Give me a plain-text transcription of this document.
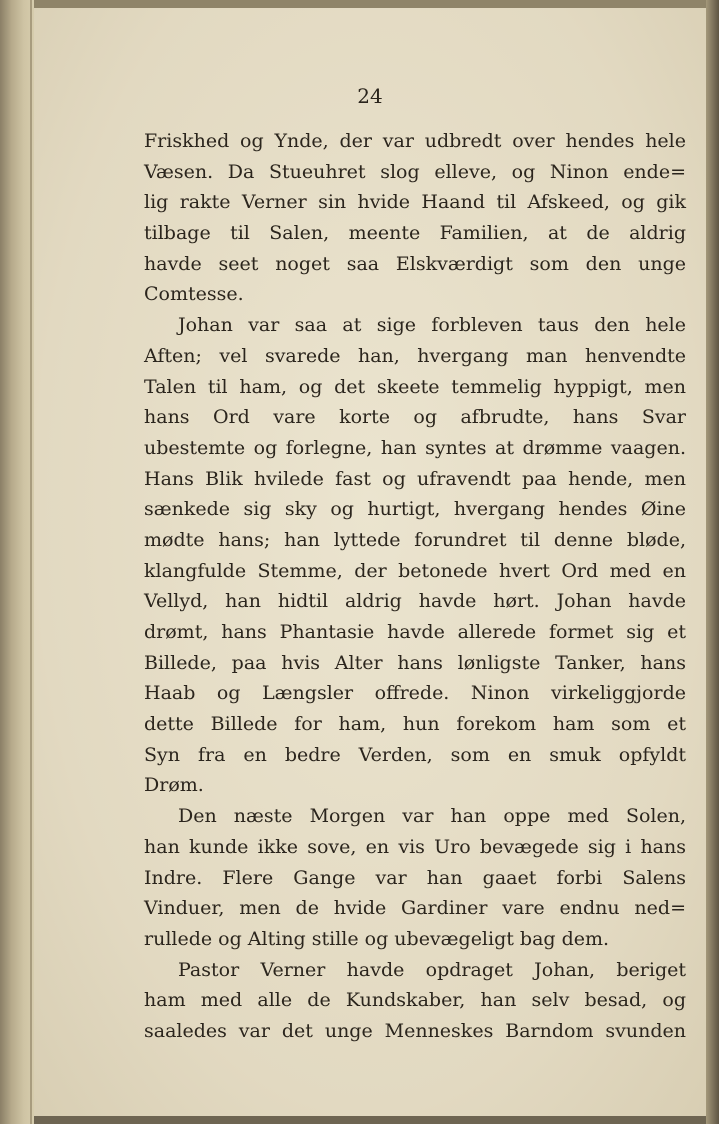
24
Friskhed og Ynde, der var udbredt over hendes hele
Væsen. Da Stueuhret slog elleve, og Ninon ende=
lig rakte Verner sin hvide Haand til Afskeed, og gik
tilbage til Salen, meente Familien, at de aldrig
havde seet noget saa Elskværdigt som den unge
Comtesse.
Johan var saa at sige forbleven taus den hele
Aften; vel svarede han, hvergang man henvendte
Talen til ham, og det skeete temmelig hyppigt, men
hans Ord vare korte og afbrudte, hans Svar
ubestemte og forlegne, han syntes at drømme vaagen.
Hans Blik hvilede fast og ufravendt paa hende, men
sænkede sig sky og hurtigt, hvergang hendes Øine
mødte hans; han lyttede forundret til denne bløde,
klangfulde Stemme, der betonede hvert Ord med en
Vellyd, han hidtil aldrig havde hørt. Johan havde
drømt, hans Phantasie havde allerede formet sig et
Billede, paa hvis Alter hans lønligste Tanker, hans
Haab og Længsler offrede. Ninon virkeliggjorde
dette Billede for ham, hun forekom ham som et
Syn fra en bedre Verden, som en smuk opfyldt
Drøm.
Den næste Morgen var han oppe med Solen,
han kunde ikke sove, en vis Uro bevægede sig i hans
Indre. Flere Gange var han gaaet forbi Salens
Vinduer, men de hvide Gardiner vare endnu ned=
rullede og Alting stille og ubevægeligt bag dem.
Pastor Verner havde opdraget Johan, beriget
ham med alle de Kundskaber, han selv besad, og
saaledes var det unge Menneskes Barndom svunden
